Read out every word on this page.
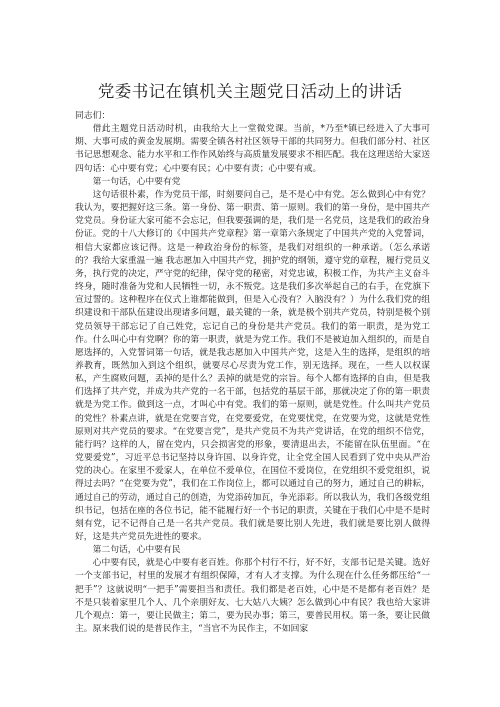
党委书记在镇机关主题党日活动上的讲话

同志们：

借此主题党日活动时机，由我给大上一堂微党课。当前，*乃至*镇已经进入了大事可期、大事可成的黄金发展期。需要全镇各村社区领导干部的共同努力。但我们部分村、社区书记思想观念、能力水平和工作作风始终与高质量发展要求不相匹配。我在这理送给大家送四句话：心中要有党；心中要有民；心中要有责；心中要有戒。

第一句话，心中要有党

这句话很朴素，作为党员干部，时刻要问自己，是不是心中有党。怎么做到心中有党？我认为，要把握好这三条。第一身份、第一职责、第一原则。我们的第一身份，是中国共产党党员。身份证大家可能不会忘记，但我要强调的是，我们是一名党员，这是我们的政治身份证。党的十八大修订的《中国共产党章程》第一章第六条规定了中国共产党的入党誓词，相信大家都应该记得。这是一种政治身份的标签，是我们对组织的一种承诺。（怎么承诺的？我给大家重温一遍 我志愿加入中国共产党，拥护党的纲领，遵守党的章程，履行党员义务，执行党的决定，严守党的纪律，保守党的秘密，对党忠诚，积极工作，为共产主义奋斗终身，随时准备为党和人民牺牲一切，永不叛党。这是我们多次举起自己的右手，在党旗下宣过誓的。这种程序在仪式上谁都能做到，但是入心没有？入脑没有？）为什么我们党的组织建设和干部队伍建设出现诸多问题，最关键的一条，就是极个别共产党员，特别是极个别党员领导干部忘记了自己姓党，忘记自己的身份是共产党员。我们的第一职责，是为党工作。什么叫心中有党啊？你的第一职责，就是为党工作。我们不是被迫加入组织的，而是自愿选择的，入党誓词第一句话，就是我志愿加入中国共产党，这是入生的选择，是组织的培养教育，既然加入到这个组织，就要尽心尽责为党工作，别无选择。现在，一些人以权谋私，产生腐败问题，丢掉的是什么？丢掉的就是党的宗旨。每个人都有选择的自由，但是我们选择了共产党，并成为共产党的一名干部，包括党的基层干部，那就决定了你的第一职责就是为党工作。做到这一点，才叫心中有党。我们的第一原则，就是党性。什么叫共产党员的党性？朴素点讲，就是在党要言党，在党要爱党，在党要忧党，在党要为党，这就是党性原则对共产党员的要求。“在党要言党”，是共产党员不为共产党讲话，在党的组织不信党，能行吗？这样的人，留在党内，只会损害党的形象，要清退出去，不能留在队伍里面。“在党要爱党”，习近平总书记坚持以身许国、以身许党，让全党全国人民看到了党中央从严治党的决心。在家里不爱家人，在单位不爱单位，在国位不爱岗位，在党组织不爱党组织，说得过去吗？“在党要为党”，我们在工作岗位上，都可以通过自己的努力，通过自己的耕耘，通过自己的劳动，通过自己的创造，为党添砖加瓦，争光添彩。所以我认为，我们各级党组织书记，包括在座的各位书记，能不能履行好一个书记的职责，关键在于我们心中是不是时刻有党，记不记得自己是一名共产党员。我们就是要比别人先进，我们就是要比别人做得好，这是共产党员先进性的要求。

第二句话，心中要有民

心中要有民，就是心中要有老百姓。你那个村行不行，好不好，支部书记是关键。选好一个支部书记，村里的发展才有组织保障，才有人才支撑。为什么现在什么任务都压给“一把手”？这就说明“一把手”需要担当和责任。我们都是老百姓，心中是不是都有老百姓？是不是只装着家里几个人、几个亲朋好友、七大姑八大姨？怎么做到心中有民？我也给大家讲几个观点：第一，要让民做主；第二，要为民办事；第三，要普民用权。第一条，要让民做主。原来我们说的是普民作主，“当官不为民作主，不如回家
